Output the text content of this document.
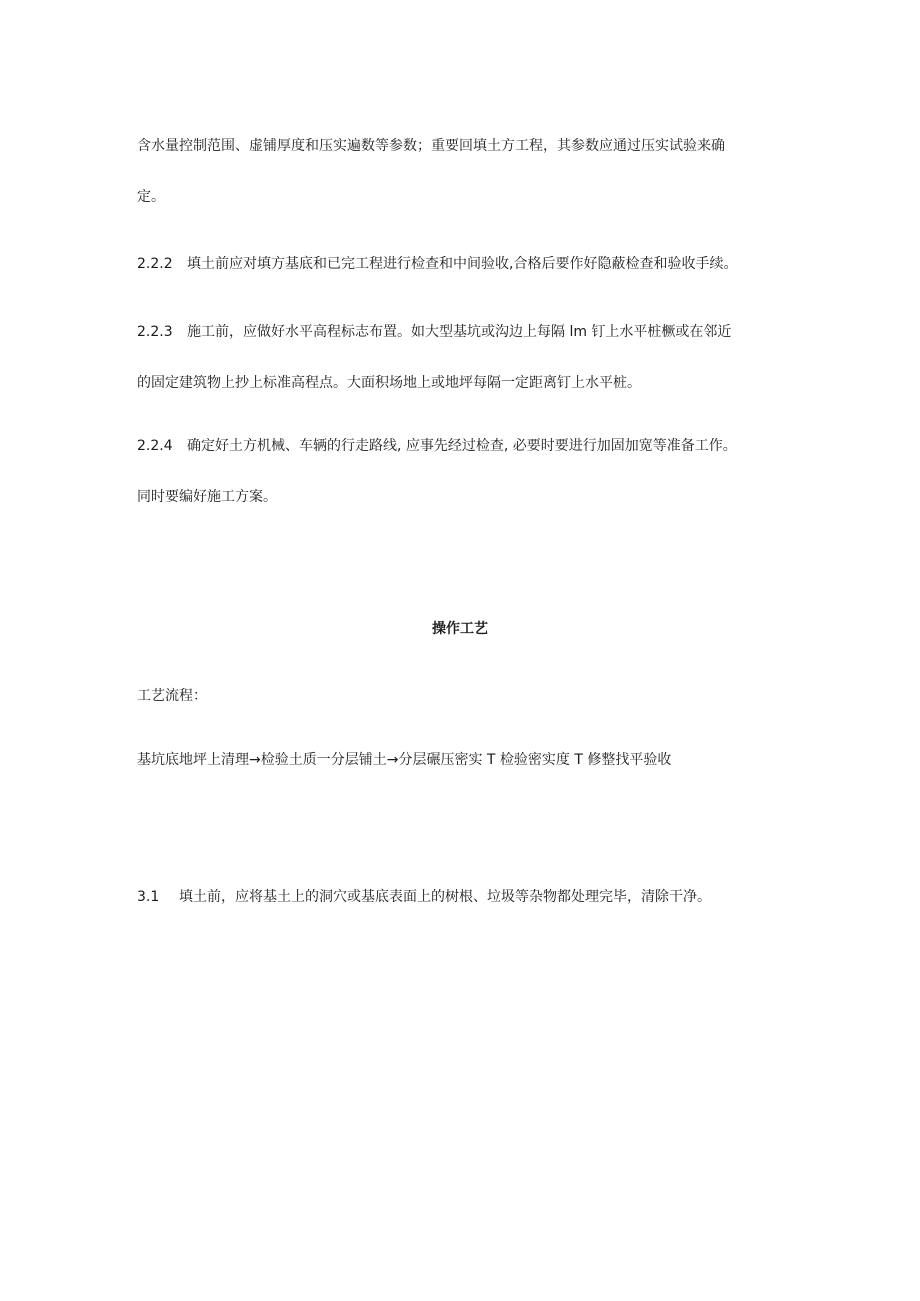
含水量控制范围、虚铺厚度和压实遍数等参数；重要回填土方工程，其参数应通过压实试验来确
定。
2.2.2 填土前应对填方基底和已完工程进行检查和中间验收,合格后要作好隐蔽检查和验收手续。
2.2.3 施工前，应做好水平高程标志布置。如大型基坑或沟边上每隔 lm 钉上水平桩橛或在邻近
的固定建筑物上抄上标准高程点。大面积场地上或地坪每隔一定距离钉上水平桩。
2.2.4 确定好土方机械、车辆的行走路线, 应事先经过检查, 必要时要进行加固加宽等准备工作。
同时要编好施工方案。
操作工艺
工艺流程：
基坑底地坪上清理→检验土质一分层铺土→分层碾压密实 T 检验密实度 T 修整找平验收
3.1 填土前，应将基土上的洞穴或基底表面上的树根、垃圾等杂物都处理完毕，清除干净。
